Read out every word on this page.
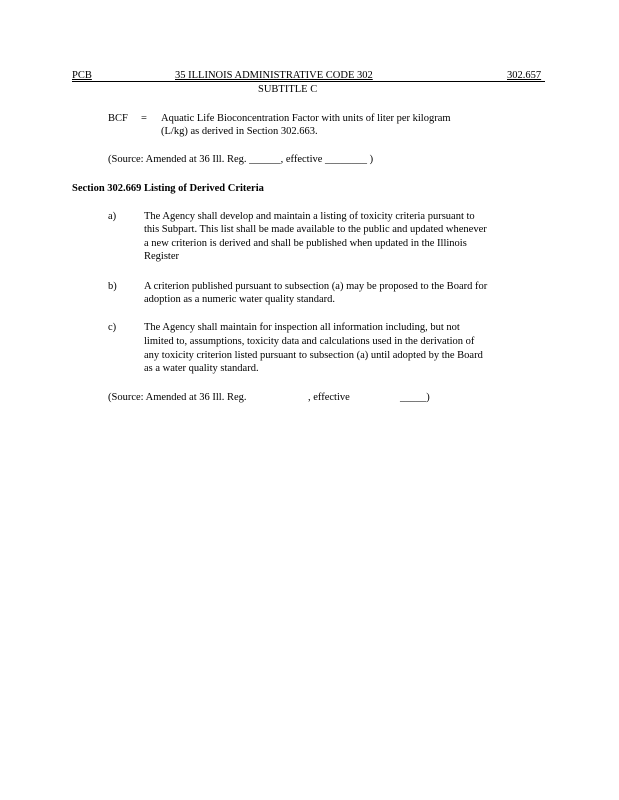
PCB	35 ILLINOIS ADMINISTRATIVE CODE 302	302.657
SUBTITLE C
BCF = Aquatic Life Bioconcentration Factor with units of liter per kilogram
(L/kg) as derived in Section 302.663.
(Source: Amended at 36 Ill. Reg. ______, effective ________ )
Section 302.669 Listing of Derived Criteria
a)	The Agency shall develop and maintain a listing of toxicity criteria pursuant to
this Subpart. This list shall be made available to the public and updated whenever
a new criterion is derived and shall be published when updated in the Illinois
Register
b)	A criterion published pursuant to subsection (a) may be proposed to the Board for
adoption as a numeric water quality standard.
c)	The Agency shall maintain for inspection all information including, but not
limited to, assumptions, toxicity data and calculations used in the derivation of
any toxicity criterion listed pursuant to subsection (a) until adopted by the Board
as a water quality standard.
(Source: Amended at 36 Ill. Reg.	, effective	_____)
